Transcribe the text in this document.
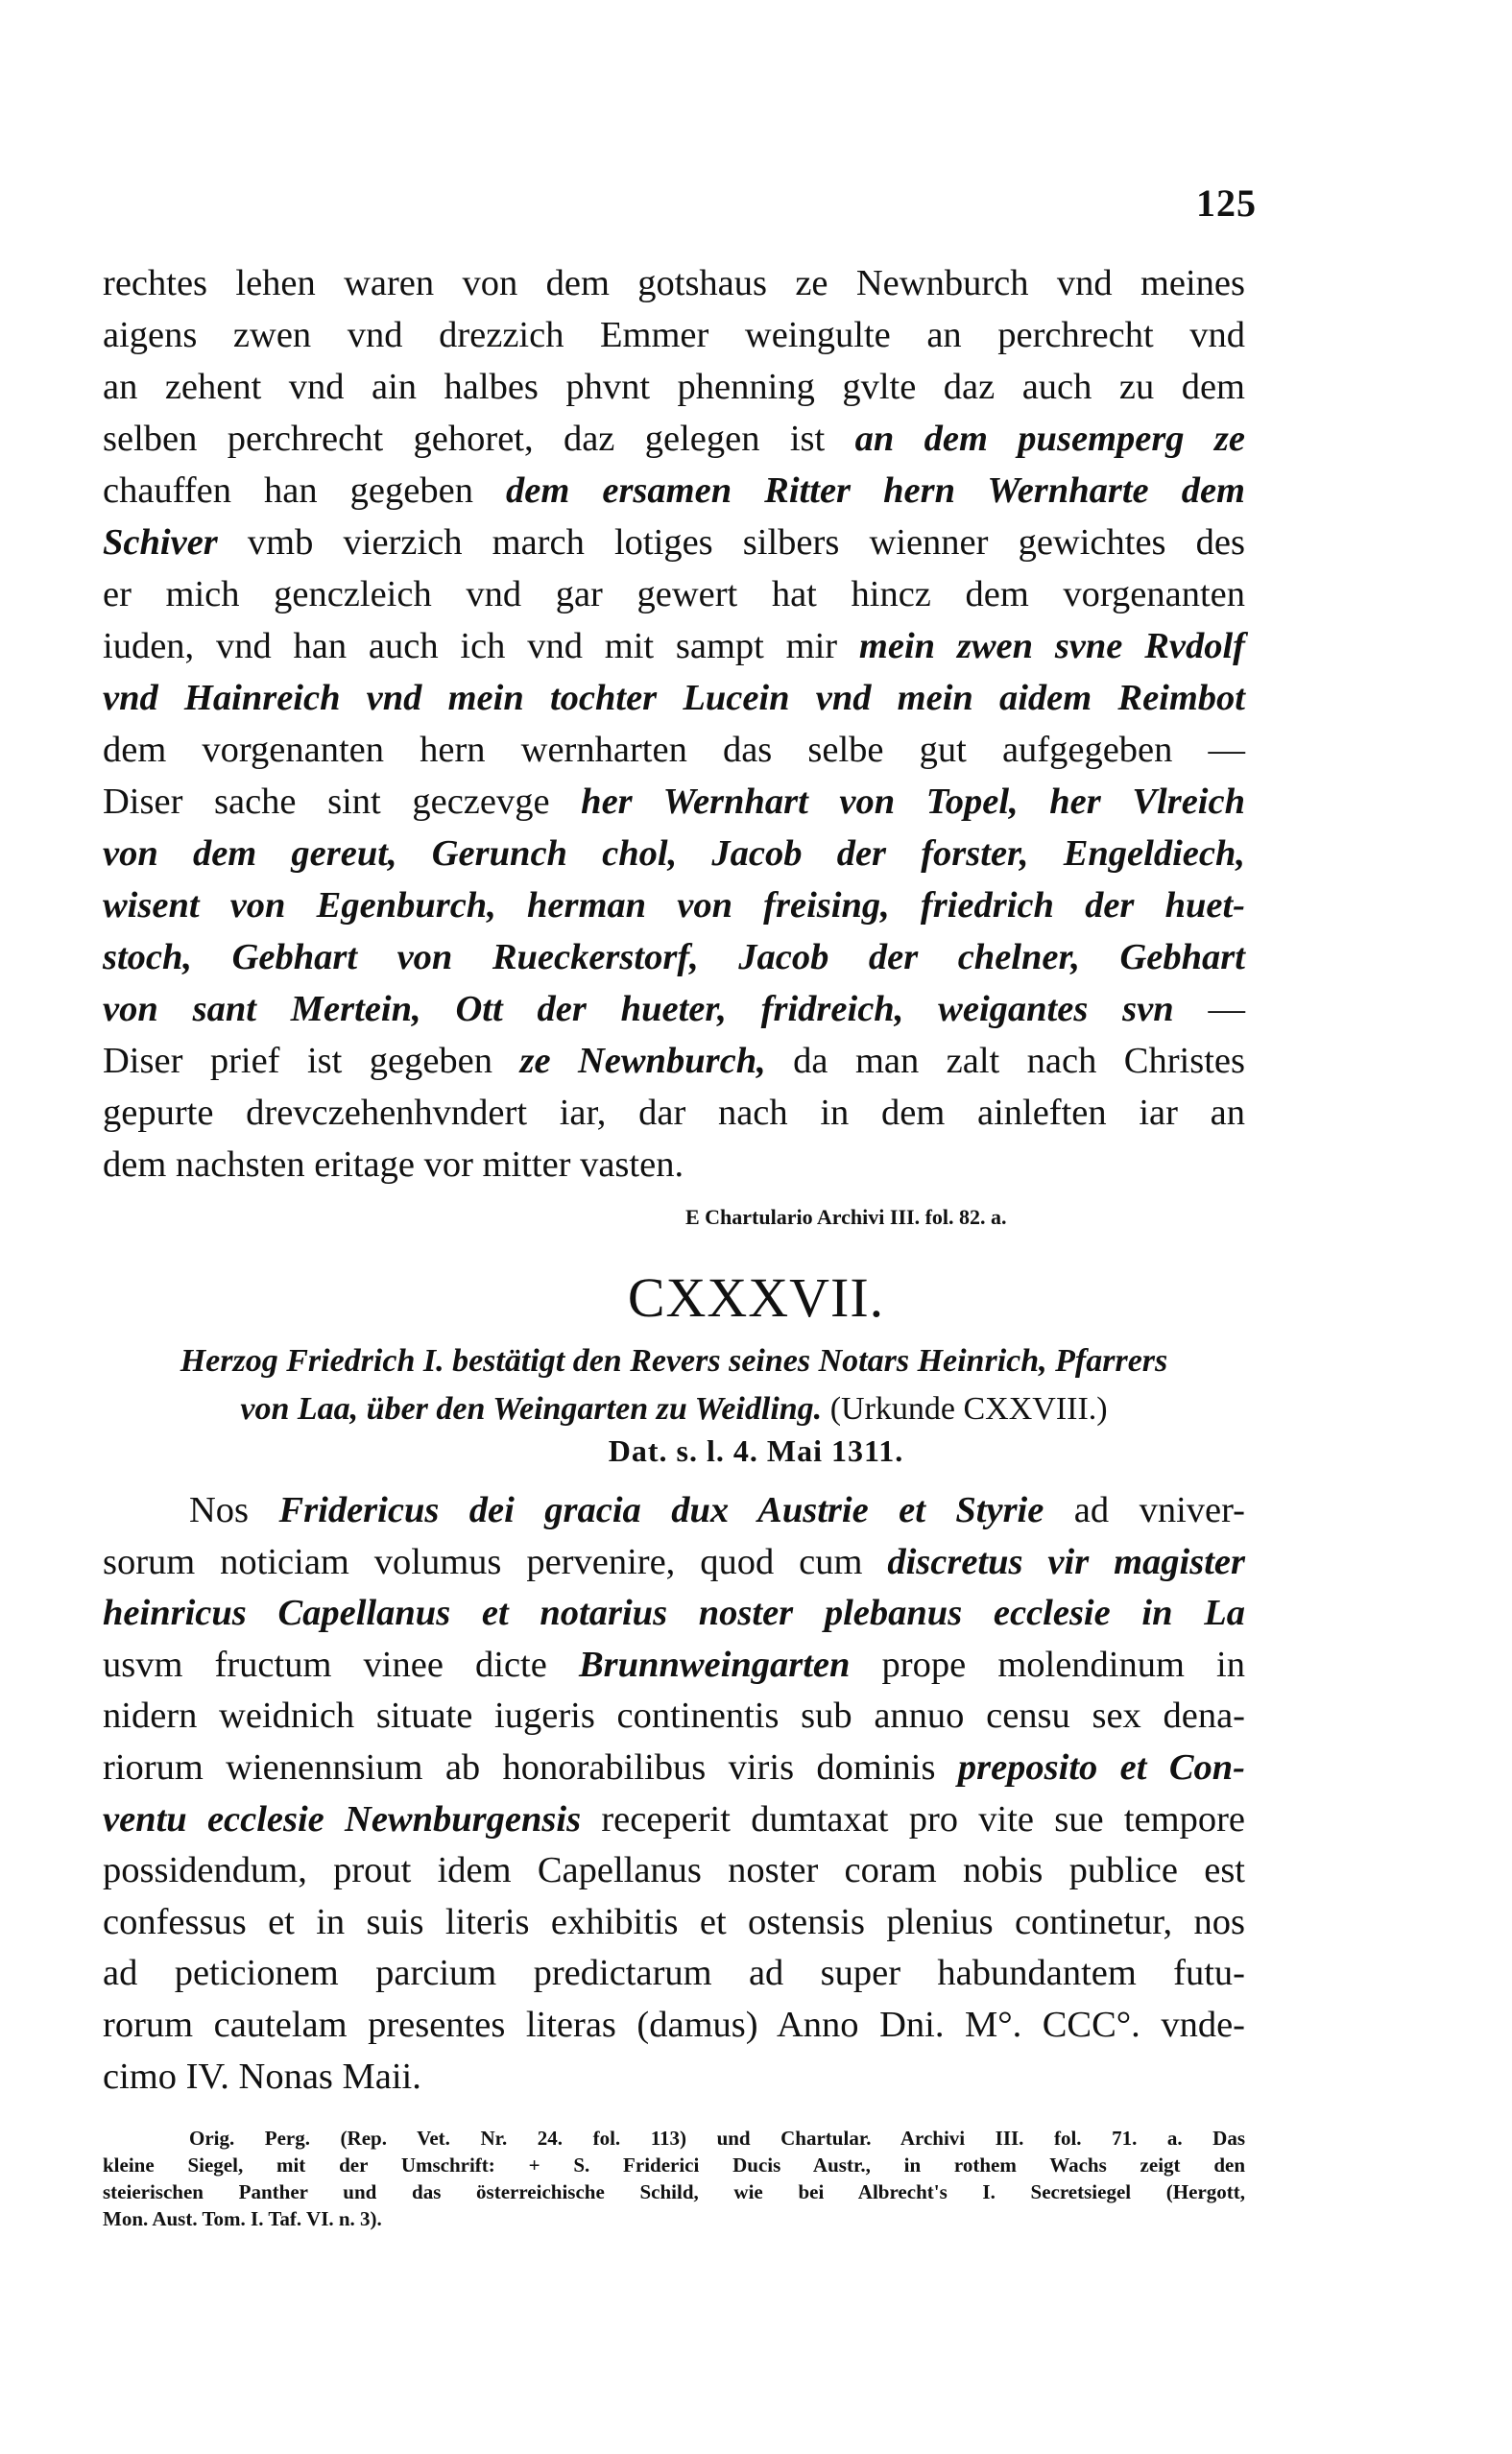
125
rechtes lehen waren von dem gotshaus ze Newnburch vnd meines
aigens zwen vnd drezzich Emmer weingulte an perchrecht vnd
an zehent vnd ain halbes phvnt phenning gvlte daz auch zu dem
selben perchrecht gehoret, daz gelegen ist an dem pusemperg ze
chauffen han gegeben dem ersamen Ritter hern Wernharte dem
Schiver vmb vierzich march lotiges silbers wienner gewichtes des
er mich genczleich vnd gar gewert hat hincz dem vorgenanten
iuden, vnd han auch ich vnd mit sampt mir mein zwen svne Rvdolf
vnd Hainreich vnd mein tochter Lucein vnd mein aidem Reimbot
dem vorgenanten hern wernharten das selbe gut aufgegeben —
Diser sache sint geczevge her Wernhart von Topel, her Vlreich
von dem gereut, Gerunch chol, Jacob der forster, Engeldiech,
wisent von Egenburch, herman von freising, friedrich der huet-
stoch, Gebhart von Rueckerstorf, Jacob der chelner, Gebhart
von sant Mertein, Ott der hueter, fridreich, weigantes svn —
Diser prief ist gegeben ze Newnburch, da man zalt nach Christes
gepurte drevczehenhvndert iar, dar nach in dem ainleften iar an
dem nachsten eritage vor mitter vasten.
E Chartulario Archivi III. fol. 82. a.
CXXXVII.
Herzog Friedrich I. bestätigt den Revers seines Notars Heinrich, Pfarrers
von Laa, über den Weingarten zu Weidling. (Urkunde CXXVIII.)
Dat. s. l. 4. Mai 1311.
Nos Fridericus dei gracia dux Austrie et Styrie ad vniver-
sorum noticiam volumus pervenire, quod cum discretus vir magister
heinricus Capellanus et notarius noster plebanus ecclesie in La
usvm fructum vinee dicte Brunnweingarten prope molendinum in
nidern weidnich situate iugeris continentis sub annuo censu sex dena-
riorum wienennsium ab honorabilibus viris dominis preposito et Con-
ventu ecclesie Newnburgensis receperit dumtaxat pro vite sue tempore
possidendum, prout idem Capellanus noster coram nobis publice est
confessus et in suis literis exhibitis et ostensis plenius continetur, nos
ad peticionem parcium predictarum ad super habundantem futu-
rorum cautelam presentes literas (damus) Anno Dni. M°. CCC°. vnde-
cimo IV. Nonas Maii.
Orig. Perg. (Rep. Vet. Nr. 24. fol. 113) und Chartular. Archivi III. fol. 71. a. Das
kleine Siegel, mit der Umschrift: + S. Friderici Ducis Austr., in rothem Wachs zeigt den
steierischen Panther und das österreichische Schild, wie bei Albrecht's I. Secretsiegel (Hergott,
Mon. Aust. Tom. I. Taf. VI. n. 3).
